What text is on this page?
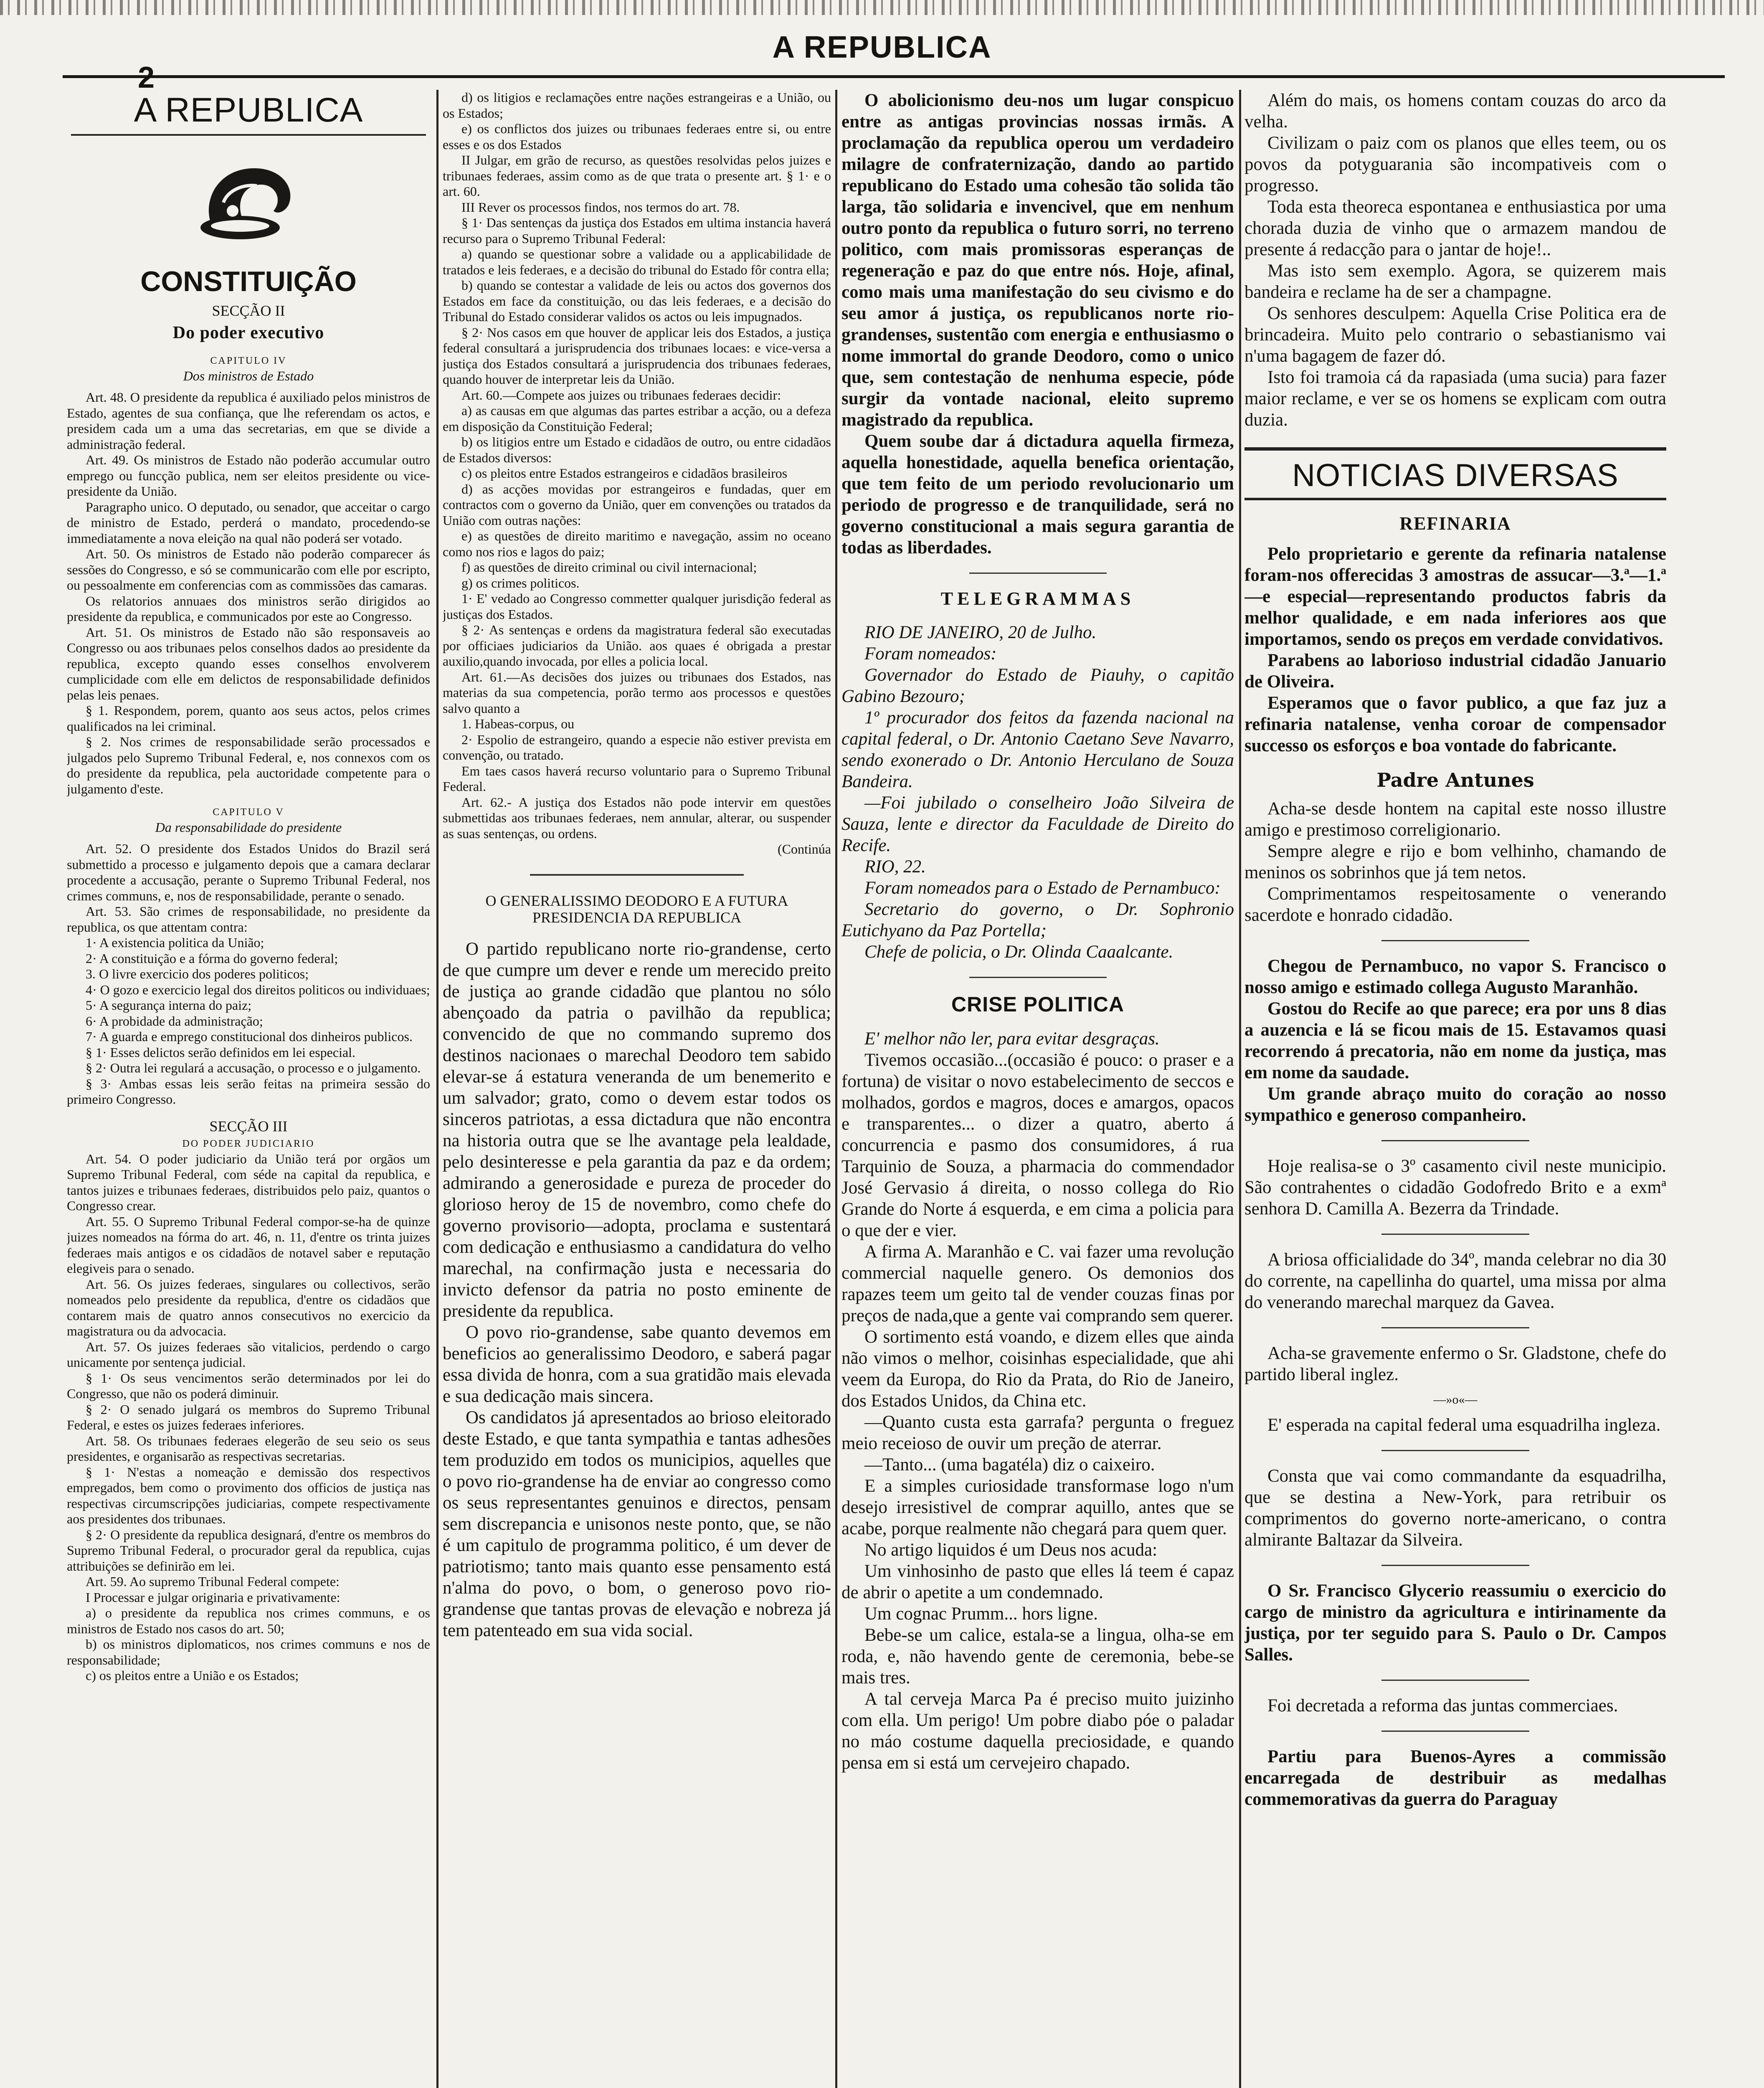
2
A REPUBLICA
A REPUBLICA
CONSTITUIÇÃO
SECÇÃO II
Do poder executivo
CAPITULO IV
Dos ministros de Estado

Art. 48. O presidente da republica é auxiliado pelos ministros de Estado, agentes de sua confiança, que lhe referendam os actos, e presidem cada um a uma das secretarias, em que se divide a administração federal.

Art. 49. Os ministros de Estado não poderão accumular outro emprego ou funcção publica, nem ser eleitos presidente ou vice-presidente da União.

Paragrapho unico. O deputado, ou senador, que acceitar o cargo de ministro de Estado, perderá o mandato, procedendo-se immediatamente a nova eleição na qual não poderá ser votado.

Art. 50. Os ministros de Estado não poderão comparecer ás sessões do Congresso, e só se communicarão com elle por escripto, ou pessoalmente em conferencias com as commissões das camaras.

Os relatorios annuaes dos ministros serão dirigidos ao presidente da republica, e communicados por este ao Congresso.

Art. 51. Os ministros de Estado não são responsaveis ao Congresso ou aos tribunaes pelos conselhos dados ao presidente da republica, excepto quando esses conselhos envolverem cumplicidade com elle em delictos de responsabilidade definidos pelas leis penaes.

§ 1. Respondem, porem, quanto aos seus actos, pelos crimes qualificados na lei criminal.

§ 2. Nos crimes de responsabilidade serão processados e julgados pelo Supremo Tribunal Federal, e, nos connexos com os do presidente da republica, pela auctoridade competente para o julgamento d'este.

CAPITULO V
Da responsabilidade do presidente

Art. 52. O presidente dos Estados Unidos do Brazil será submettido a processo e julgamento depois que a camara declarar procedente a accusação, perante o Supremo Tribunal Federal, nos crimes communs, e, nos de responsabilidade, perante o senado.

Art. 53. São crimes de responsabilidade, no presidente da republica, os que attentam contra:

1· A existencia politica da União;

2· A constituição e a fórma do governo federal;

3. O livre exercicio dos poderes politicos;

4· O gozo e exercicio legal dos direitos politicos ou individuaes;

5· A segurança interna do paiz;

6· A probidade da administração;

7· A guarda e emprego constitucional dos dinheiros publicos.

§ 1· Esses delictos serão definidos em lei especial.

§ 2· Outra lei regulará a accusação, o processo e o julgamento.

§ 3· Ambas essas leis serão feitas na primeira sessão do primeiro Congresso.

SECÇÃO III
DO PODER JUDICIARIO

Art. 54. O poder judiciario da União terá por orgãos um Supremo Tribunal Federal, com séde na capital da republica, e tantos juizes e tribunaes federaes, distribuidos pelo paiz, quantos o Congresso crear.

Art. 55. O Supremo Tribunal Federal compor-se-ha de quinze juizes nomeados na fórma do art. 46, n. 11, d'entre os trinta juizes federaes mais antigos e os cidadãos de notavel saber e reputação elegiveis para o senado.

Art. 56. Os juizes federaes, singulares ou collectivos, serão nomeados pelo presidente da republica, d'entre os cidadãos que contarem mais de quatro annos consecutivos no exercicio da magistratura ou da advocacia.

Art. 57. Os juizes federaes são vitalicios, perdendo o cargo unicamente por sentença judicial.

§ 1· Os seus vencimentos serão determinados por lei do Congresso, que não os poderá diminuir.

§ 2· O senado julgará os membros do Supremo Tribunal Federal, e estes os juizes federaes inferiores.

Art. 58. Os tribunaes federaes elegerão de seu seio os seus presidentes, e organisarão as respectivas secretarias.

§ 1· N'estas a nomeação e demissão dos respectivos empregados, bem como o provimento dos officios de justiça nas respectivas circumscripções judiciarias, compete respectivamente aos presidentes dos tribunaes.

§ 2· O presidente da republica designará, d'entre os membros do Supremo Tribunal Federal, o procurador geral da republica, cujas attribuições se definirão em lei.

Art. 59. Ao supremo Tribunal Federal compete:

I Processar e julgar originaria e privativamente:

a) o presidente da republica nos crimes communs, e os ministros de Estado nos casos do art. 50;

b) os ministros diplomaticos, nos crimes communs e nos de responsabilidade;

c) os pleitos entre a União e os Estados;

d) os litigios e reclamações entre nações estrangeiras e a União, ou os Estados;

e) os conflictos dos juizes ou tribunaes federaes entre si, ou entre esses e os dos Estados

II Julgar, em grão de recurso, as questões resolvidas pelos juizes e tribunaes federaes, assim como as de que trata o presente art. § 1· e o art. 60.

III Rever os processos findos, nos termos do art. 78.

§ 1· Das sentenças da justiça dos Estados em ultima instancia haverá recurso para o Supremo Tribunal Federal:

a) quando se questionar sobre a validade ou a applicabilidade de tratados e leis federaes, e a decisão do tribunal do Estado fôr contra ella;

b) quando se contestar a validade de leis ou actos dos governos dos Estados em face da constituição, ou das leis federaes, e a decisão do Tribunal do Estado considerar validos os actos ou leis impugnados.

§ 2· Nos casos em que houver de applicar leis dos Estados, a justiça federal consultará a jurisprudencia dos tribunaes locaes: e vice-versa a justiça dos Estados consultará a jurisprudencia dos tribunaes federaes, quando houver de interpretar leis da União.

Art. 60.—Compete aos juizes ou tribunaes federaes decidir:

a) as causas em que algumas das partes estribar a acção, ou a defeza em disposição da Constituição Federal;

b) os litigios entre um Estado e cidadãos de outro, ou entre cidadãos de Estados diversos:

c) os pleitos entre Estados estrangeiros e cidadãos brasileiros

d) as acções movidas por estrangeiros e fundadas, quer em contractos com o governo da União, quer em convenções ou tratados da União com outras nações:

e) as questões de direito maritimo e navegação, assim no oceano como nos rios e lagos do paiz;

f) as questões de direito criminal ou civil internacional;

g) os crimes politicos.

1· E' vedado ao Congresso commetter qualquer jurisdição federal as justiças dos Estados.

§ 2· As sentenças e ordens da magistratura federal são executadas por officiaes judiciarios da União. aos quaes é obrigada a prestar auxilio,quando invocada, por elles a policia local.

Art. 61.—As decisões dos juizes ou tribunaes dos Estados, nas materias da sua competencia, porão termo aos processos e questões salvo quanto a

1. Habeas-corpus, ou

2· Espolio de estrangeiro, quando a especie não estiver prevista em convenção, ou tratado.

Em taes casos haverá recurso voluntario para o Supremo Tribunal Federal.

Art. 62.- A justiça dos Estados não pode intervir em questões submettidas aos tribunaes federaes, nem annular, alterar, ou suspender as suas sentenças, ou ordens.

(Continúa

O GENERALISSIMO DEODORO E A FUTURA PRESIDENCIA DA REPUBLICA

O partido republicano norte rio-grandense, certo de que cumpre um dever e rende um merecido preito de justiça ao grande cidadão que plantou no sólo abençoado da patria o pavilhão da republica; convencido de que no commando supremo dos destinos nacionaes o marechal Deodoro tem sabido elevar-se á estatura veneranda de um benemerito e um salvador; grato, como o devem estar todos os sinceros patriotas, a essa dictadura que não encontra na historia outra que se lhe avantage pela lealdade, pelo desinteresse e pela garantia da paz e da ordem; admirando a generosidade e pureza de proceder do glorioso heroy de 15 de novembro, como chefe do governo provisorio—adopta, proclama e sustentará com dedicação e enthusiasmo a candidatura do velho marechal, na confirmação justa e necessaria do invicto defensor da patria no posto eminente de presidente da republica.

O povo rio-grandense, sabe quanto devemos em beneficios ao generalissimo Deodoro, e saberá pagar essa divida de honra, com a sua gratidão mais elevada e sua dedicação mais sincera.

Os candidatos já apresentados ao brioso eleitorado deste Estado, e que tanta sympathia e tantas adhesões tem produzido em todos os municipios, aquelles que o povo rio-grandense ha de enviar ao congresso como os seus representantes genuinos e directos, pensam sem discrepancia e unisonos neste ponto, que, se não é um capitulo de programma politico, é um dever de patriotismo; tanto mais quanto esse pensamento está n'alma do povo, o bom, o generoso povo rio-grandense que tantas provas de elevação e nobreza já tem patenteado em sua vida social.

O abolicionismo deu-nos um lugar conspicuo entre as antigas provincias nossas irmãs. A proclamação da republica operou um verdadeiro milagre de confraternização, dando ao partido republicano do Estado uma cohesão tão solida tão larga, tão solidaria e invencivel, que em nenhum outro ponto da republica o futuro sorri, no terreno politico, com mais promissoras esperanças de regeneração e paz do que entre nós. Hoje, afinal, como mais uma manifestação do seu civismo e do seu amor á justiça, os republicanos norte rio-grandenses, sustentão com energia e enthusiasmo o nome immortal do grande Deodoro, como o unico que, sem contestação de nenhuma especie, póde surgir da vontade nacional, eleito supremo magistrado da republica.

Quem soube dar á dictadura aquella firmeza, aquella honestidade, aquella benefica orientação, que tem feito de um periodo revolucionario um periodo de progresso e de tranquilidade, será no governo constitucional a mais segura garantia de todas as liberdades.

TELEGRAMMAS

RIO DE JANEIRO, 20 de Julho.

Foram nomeados:

Governador do Estado de Piauhy, o capitão Gabino Bezouro;

1º procurador dos feitos da fazenda nacional na capital federal, o Dr. Antonio Caetano Seve Navarro, sendo exonerado o Dr. Antonio Herculano de Souza Bandeira.

—Foi jubilado o conselheiro João Silveira de Sauza, lente e director da Faculdade de Direito do Recife.

RIO, 22.

Foram nomeados para o Estado de Pernambuco:

Secretario do governo, o Dr. Sophronio Eutichyano da Paz Portella;

Chefe de policia, o Dr. Olinda Caaalcante.

CRISE POLITICA

E' melhor não ler, para evitar desgraças.

Tivemos occasião...(occasião é pouco: o praser e a fortuna) de visitar o novo estabelecimento de seccos e molhados, gordos e magros, doces e amargos, opacos e transparentes... o dizer a quatro, aberto á concurrencia e pasmo dos consumidores, á rua Tarquinio de Souza, a pharmacia do commendador José Gervasio á direita, o nosso collega do Rio Grande do Norte á esquerda, e em cima a policia para o que der e vier.

A firma A. Maranhão e C. vai fazer uma revolução commercial naquelle genero. Os demonios dos rapazes teem um geito tal de vender couzas finas por preços de nada,que a gente vai comprando sem querer.

O sortimento está voando, e dizem elles que ainda não vimos o melhor, coisinhas especialidade, que ahi veem da Europa, do Rio da Prata, do Rio de Janeiro, dos Estados Unidos, da China etc.

—Quanto custa esta garrafa? pergunta o freguez meio receioso de ouvir um preção de aterrar.

—Tanto... (uma bagatéla) diz o caixeiro.

E a simples curiosidade transformase logo n'um desejo irresistivel de comprar aquillo, antes que se acabe, porque realmente não chegará para quem quer.

No artigo liquidos é um Deus nos acuda:

Um vinhosinho de pasto que elles lá teem é capaz de abrir o apetite a um condemnado.

Um cognac Prumm... hors ligne.

Bebe-se um calice, estala-se a lingua, olha-se em roda, e, não havendo gente de ceremonia, bebe-se mais tres.

A tal cerveja Marca Pa é preciso muito juizinho com ella. Um perigo! Um pobre diabo póe o paladar no máo costume daquella preciosidade, e quando pensa em si está um cervejeiro chapado.

Além do mais, os homens contam couzas do arco da velha.

Civilizam o paiz com os planos que elles teem, ou os povos da potyguarania são incompativeis com o progresso.

Toda esta theoreca espontanea e enthusiastica por uma chorada duzia de vinho que o armazem mandou de presente á redacção para o jantar de hoje!..

Mas isto sem exemplo. Agora, se quizerem mais bandeira e reclame ha de ser a champagne.

Os senhores desculpem: Aquella Crise Politica era de brincadeira. Muito pelo contrario o sebastianismo vai n'uma bagagem de fazer dó.

Isto foi tramoia cá da rapasiada (uma sucia) para fazer maior reclame, e ver se os homens se explicam com outra duzia.

NOTICIAS DIVERSAS
REFINARIA

Pelo proprietario e gerente da refinaria natalense foram-nos offerecidas 3 amostras de assucar—3.ª—1.ª—e especial—representando productos fabris da melhor qualidade, e em nada inferiores aos que importamos, sendo os preços em verdade convidativos.

Parabens ao laborioso industrial cidadão Januario de Oliveira.

Esperamos que o favor publico, a que faz juz a refinaria natalense, venha coroar de compensador successo os esforços e boa vontade do fabricante.

Padre Antunes

Acha-se desde hontem na capital este nosso illustre amigo e prestimoso correligionario.

Sempre alegre e rijo e bom velhinho, chamando de meninos os sobrinhos que já tem netos.

Comprimentamos respeitosamente o venerando sacerdote e honrado cidadão.

Chegou de Pernambuco, no vapor S. Francisco o nosso amigo e estimado collega Augusto Maranhão.

Gostou do Recife ao que parece; era por uns 8 dias a auzencia e lá se ficou mais de 15. Estavamos quasi recorrendo á precatoria, não em nome da justiça, mas em nome da saudade.

Um grande abraço muito do coração ao nosso sympathico e generoso companheiro.

Hoje realisa-se o 3º casamento civil neste municipio. São contrahentes o cidadão Godofredo Brito e a exmª senhora D. Camilla A. Bezerra da Trindade.

A briosa officialidade do 34º, manda celebrar no dia 30 do corrente, na capellinha do quartel, uma missa por alma do venerando marechal marquez da Gavea.

Acha-se gravemente enfermo o Sr. Gladstone, chefe do partido liberal inglez.

—»o«—

E' esperada na capital federal uma esquadrilha ingleza.

Consta que vai como commandante da esquadrilha, que se destina a New-York, para retribuir os comprimentos do governo norte-americano, o contra almirante Baltazar da Silveira.

O Sr. Francisco Glycerio reassumiu o exercicio do cargo de ministro da agricultura e intirinamente da justiça, por ter seguido para S. Paulo o Dr. Campos Salles.

Foi decretada a reforma das juntas commerciaes.

Partiu para Buenos-Ayres a commissão encarregada de destribuir as medalhas commemorativas da guerra do Paraguay
